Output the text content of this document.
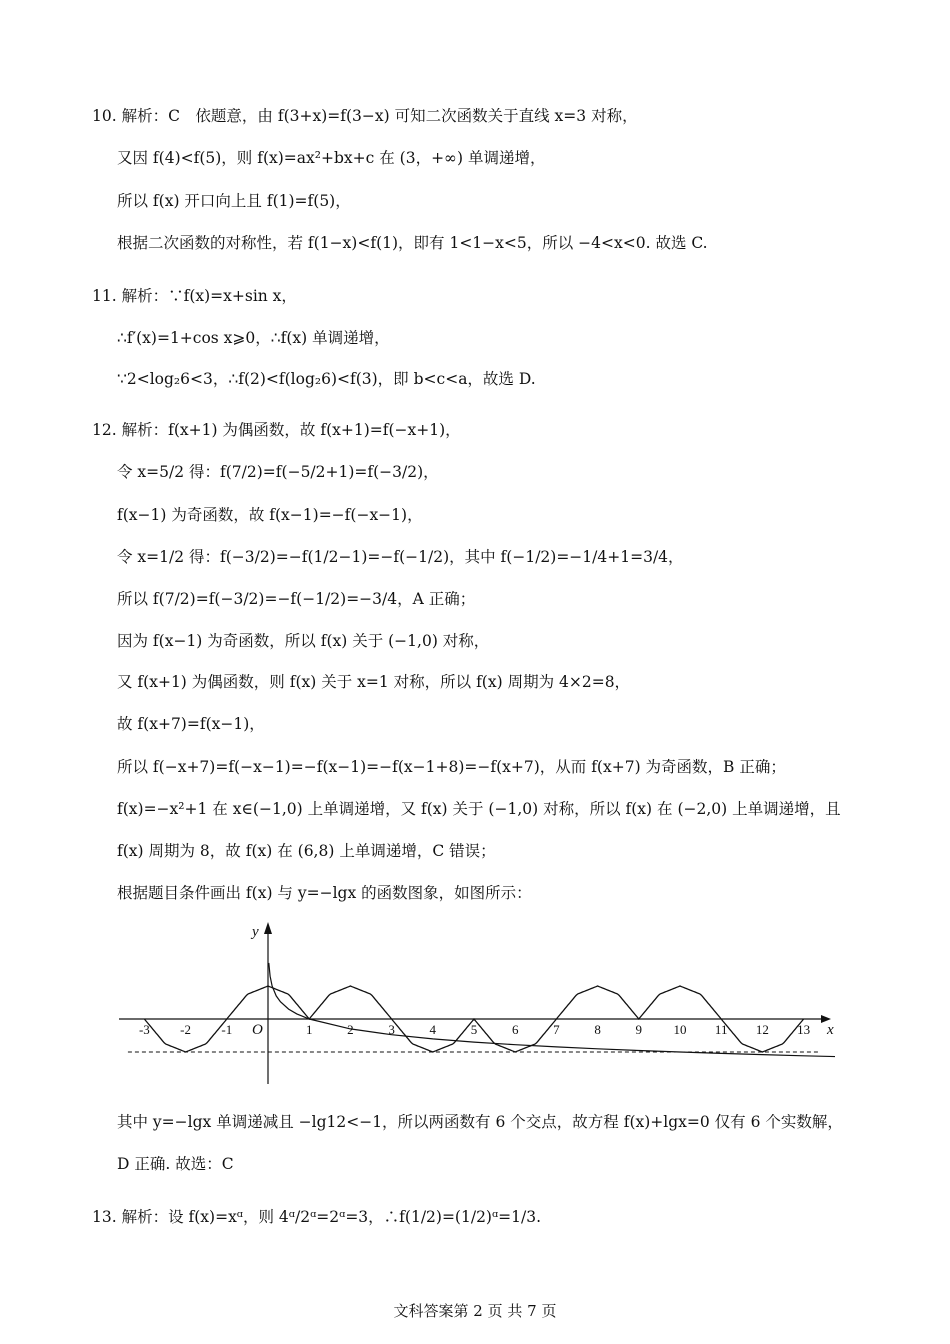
10. 解析：C　依题意，由 f(3+x)=f(3−x) 可知二次函数关于直线 x=3 对称，
又因 f(4)<f(5)，则 f(x)=ax²+bx+c 在 (3，+∞) 单调递增，
所以 f(x) 开口向上且 f(1)=f(5)，
根据二次函数的对称性，若 f(1−x)<f(1)，即有 1<1−x<5，所以 −4<x<0. 故选 C.
11. 解析：∵f(x)=x+sin x，
∴f′(x)=1+cos x⩾0，∴f(x) 单调递增，
∵2<log₂6<3，∴f(2)<f(log₂6)<f(3)，即 b<c<a，故选 D.
12. 解析：f(x+1) 为偶函数，故 f(x+1)=f(−x+1)，
令 x=5/2 得：f(7/2)=f(−5/2+1)=f(−3/2)，
f(x−1) 为奇函数，故 f(x−1)=−f(−x−1)，
令 x=1/2 得：f(−3/2)=−f(1/2−1)=−f(−1/2)，其中 f(−1/2)=−1/4+1=3/4，
所以 f(7/2)=f(−3/2)=−f(−1/2)=−3/4，A 正确；
因为 f(x−1) 为奇函数，所以 f(x) 关于 (−1,0) 对称，
又 f(x+1) 为偶函数，则 f(x) 关于 x=1 对称，所以 f(x) 周期为 4×2=8，
故 f(x+7)=f(x−1)，
所以 f(−x+7)=f(−x−1)=−f(x−1)=−f(x−1+8)=−f(x+7)，从而 f(x+7) 为奇函数，B 正确；
f(x)=−x²+1 在 x∈(−1,0) 上单调递增，又 f(x) 关于 (−1,0) 对称，所以 f(x) 在 (−2,0) 上单调递增，且
f(x) 周期为 8，故 f(x) 在 (6,8) 上单调递增，C 错误；
根据题目条件画出 f(x) 与 y=−lgx 的函数图象，如图所示：
-3 -2 -1	1	2	3	4	5	6	7	8	9 10 11 12 13
y
x
O
其中 y=−lgx 单调递减且 −lg12<−1，所以两函数有 6 个交点，故方程 f(x)+lgx=0 仅有 6 个实数解，
D 正确. 故选：C
13. 解析：设 f(x)=xᵅ，则 4ᵅ/2ᵅ=2ᵅ=3，∴f(1/2)=(1/2)ᵅ=1/3.
文科答案第 2 页 共 7 页
